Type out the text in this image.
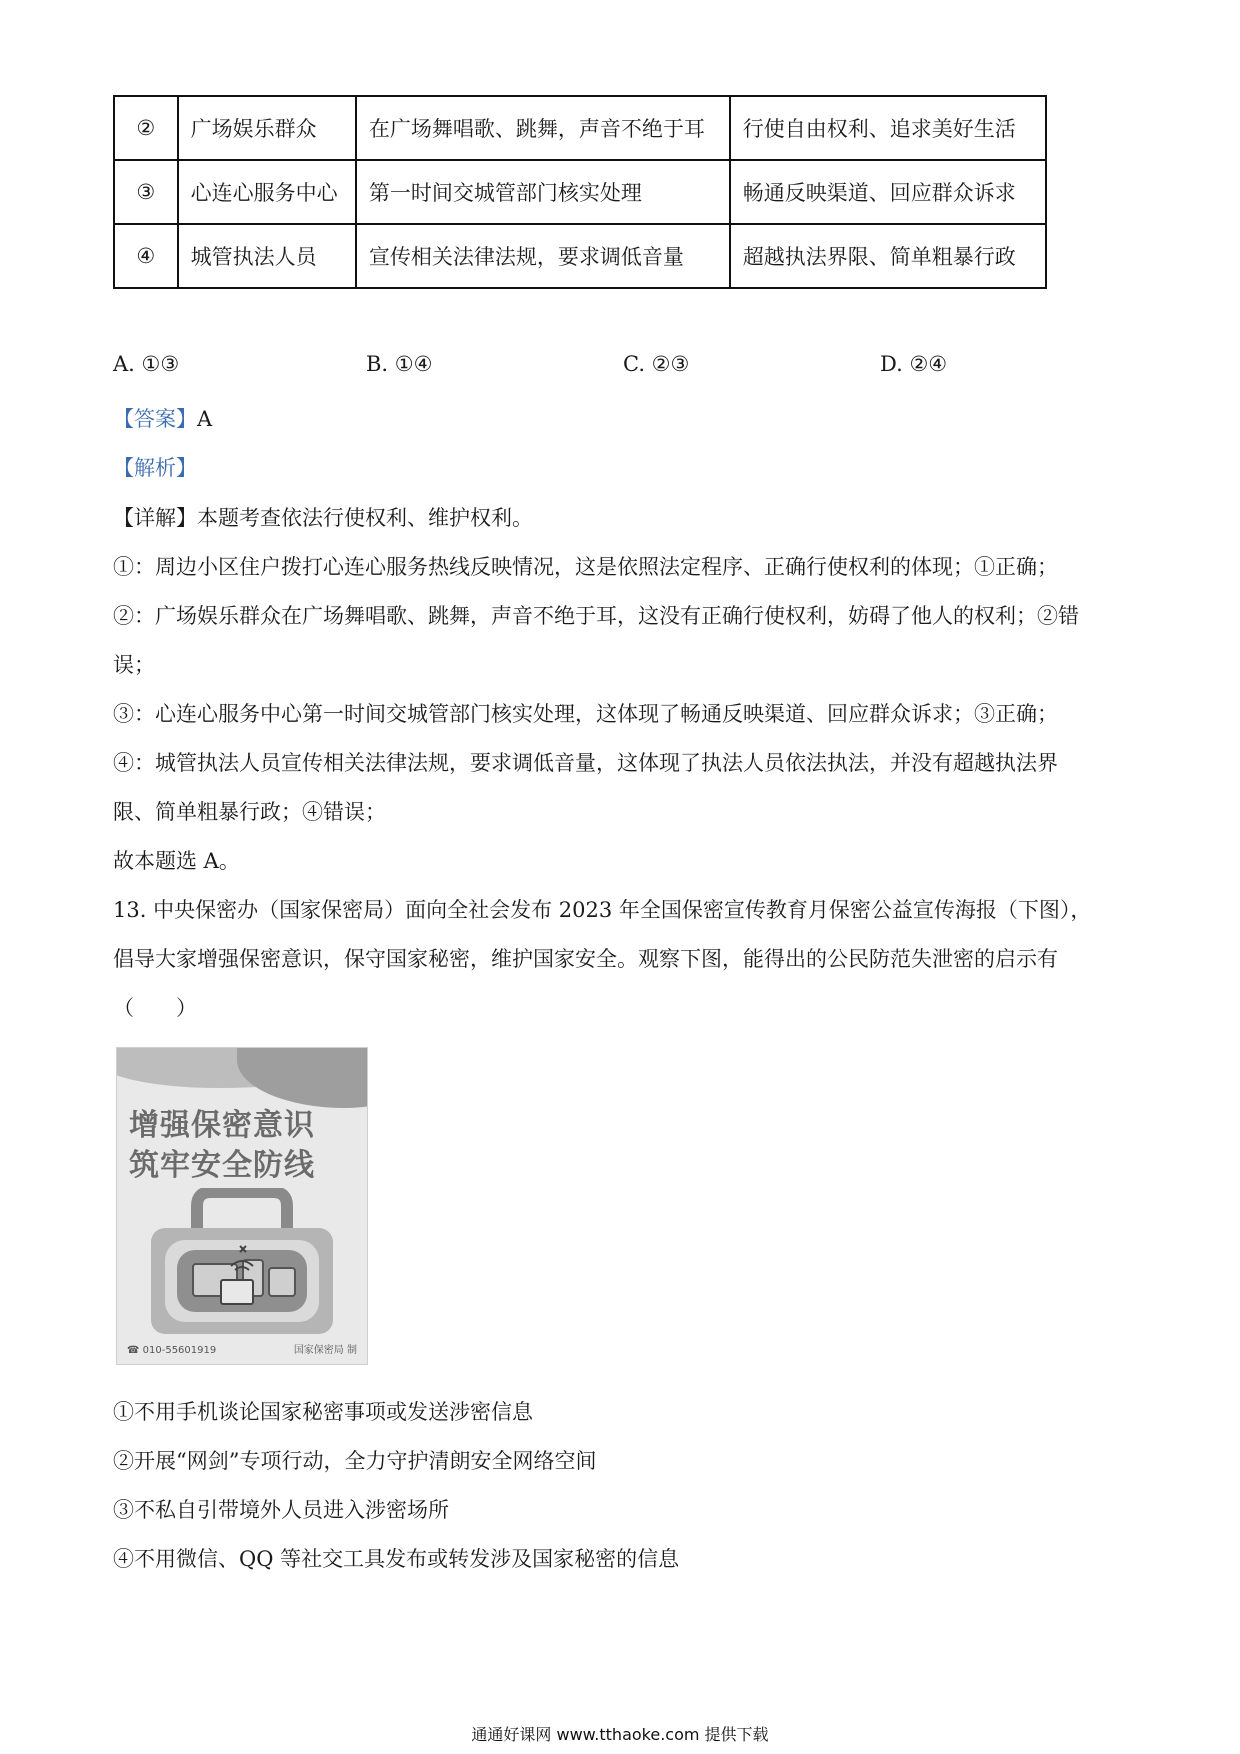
②	广场娱乐群众	在广场舞唱歌、跳舞，声音不绝于耳	行使自由权利、追求美好生活
③	心连心服务中心	第一时间交城管部门核实处理	畅通反映渠道、回应群众诉求
④	城管执法人员	宣传相关法律法规，要求调低音量	超越执法界限、简单粗暴行政
A. ①③	B. ①④	C. ②③	D. ②④
【答案】A
【解析】
【详解】本题考查依法行使权利、维护权利。
①：周边小区住户拨打心连心服务热线反映情况，这是依照法定程序、正确行使权利的体现；①正确；
②：广场娱乐群众在广场舞唱歌、跳舞，声音不绝于耳，这没有正确行使权利，妨碍了他人的权利；②错
误；
③：心连心服务中心第一时间交城管部门核实处理，这体现了畅通反映渠道、回应群众诉求；③正确；
④：城管执法人员宣传相关法律法规，要求调低音量，这体现了执法人员依法执法，并没有超越执法界
限、简单粗暴行政；④错误；
故本题选 A。
13. 中央保密办（国家保密局）面向全社会发布 2023 年全国保密宣传教育月保密公益宣传海报（下图），
倡导大家增强保密意识，保守国家秘密，维护国家安全。观察下图，能得出的公民防范失泄密的启示有
（　　）
增强保密意识
筑牢安全防线
☎ 010-55601919	国家保密局 制
①不用手机谈论国家秘密事项或发送涉密信息
②开展“网剑”专项行动，全力守护清朗安全网络空间
③不私自引带境外人员进入涉密场所
④不用微信、QQ 等社交工具发布或转发涉及国家秘密的信息
通通好课网 www.tthaoke.com 提供下载
